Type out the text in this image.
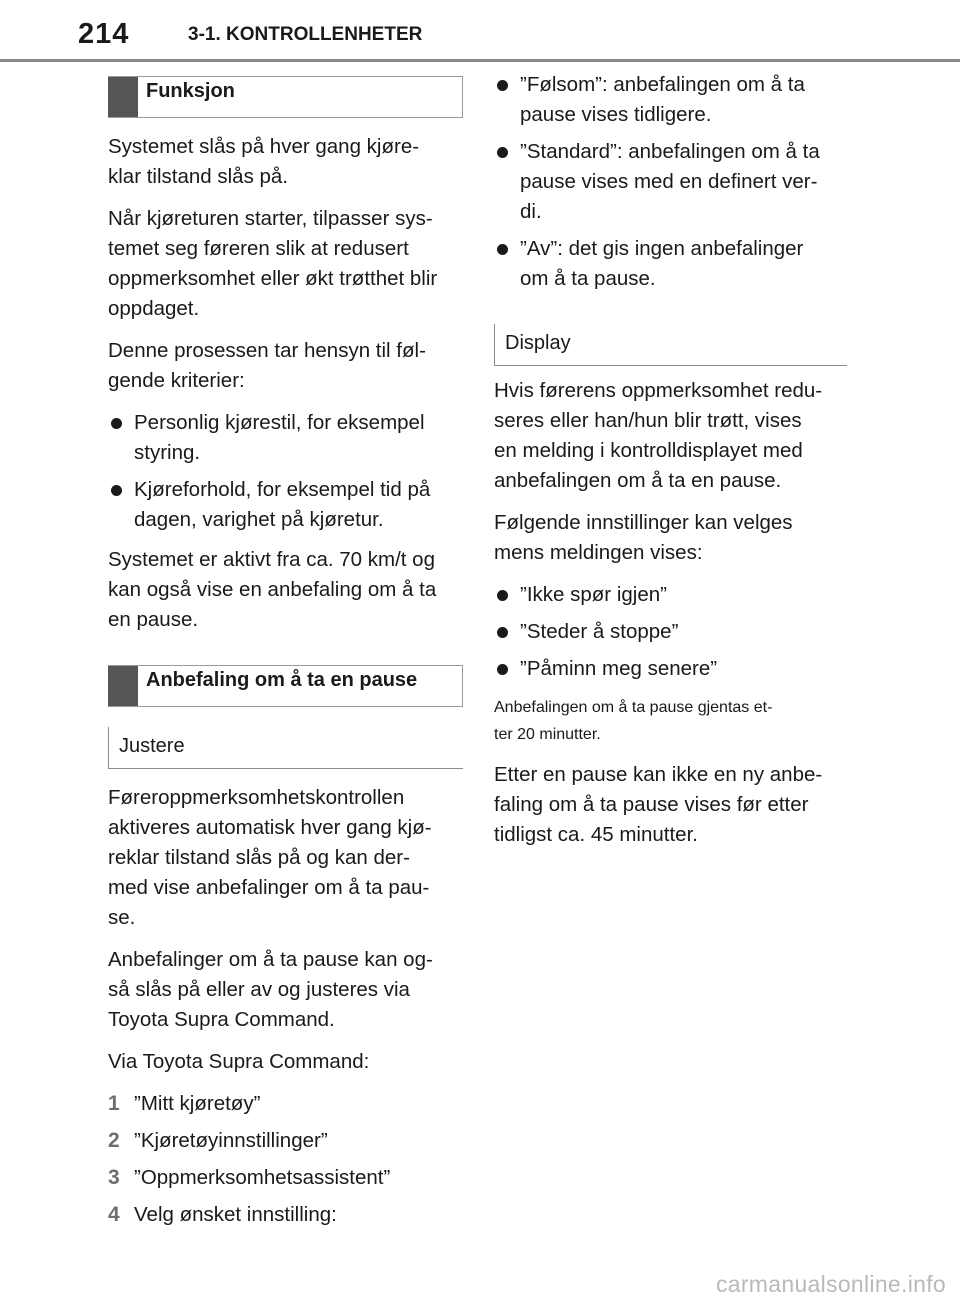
214	3-1. KONTROLLENHETER
Funksjon

Systemet slås på hver gang kjøre-
klar tilstand slås på.

Når kjøreturen starter, tilpasser sys-
temet seg føreren slik at redusert
oppmerksomhet eller økt trøtthet blir
oppdaget.

Denne prosessen tar hensyn til føl-
gende kriterier:

Personlig kjørestil, for eksempel
styring.
Kjøreforhold, for eksempel tid på
dagen, varighet på kjøretur.

Systemet er aktivt fra ca. 70 km/t og
kan også vise en anbefaling om å ta
en pause.

Anbefaling om å ta en pause
Justere

Føreroppmerksomhetskontrollen
aktiveres automatisk hver gang kjø-
reklar tilstand slås på og kan der-
med vise anbefalinger om å ta pau-
se.

Anbefalinger om å ta pause kan og-
så slås på eller av og justeres via
Toyota Supra Command.

Via Toyota Supra Command:

1 ”Mitt kjøretøy”
2 ”Kjøretøyinnstillinger”
3 ”Oppmerksomhetsassistent”
4 Velg ønsket innstilling:
”Følsom”: anbefalingen om å ta
pause vises tidligere.
”Standard”: anbefalingen om å ta
pause vises med en definert ver-
di.
”Av”: det gis ingen anbefalinger
om å ta pause.
Display

Hvis førerens oppmerksomhet redu-
seres eller han/hun blir trøtt, vises
en melding i kontrolldisplayet med
anbefalingen om å ta en pause.

Følgende innstillinger kan velges
mens meldingen vises:

”Ikke spør igjen”
”Steder å stoppe”
”Påminn meg senere”

Anbefalingen om å ta pause gjentas et-
ter 20 minutter.

Etter en pause kan ikke en ny anbe-
faling om å ta pause vises før etter
tidligst ca. 45 minutter.

carmanualsonline.info
